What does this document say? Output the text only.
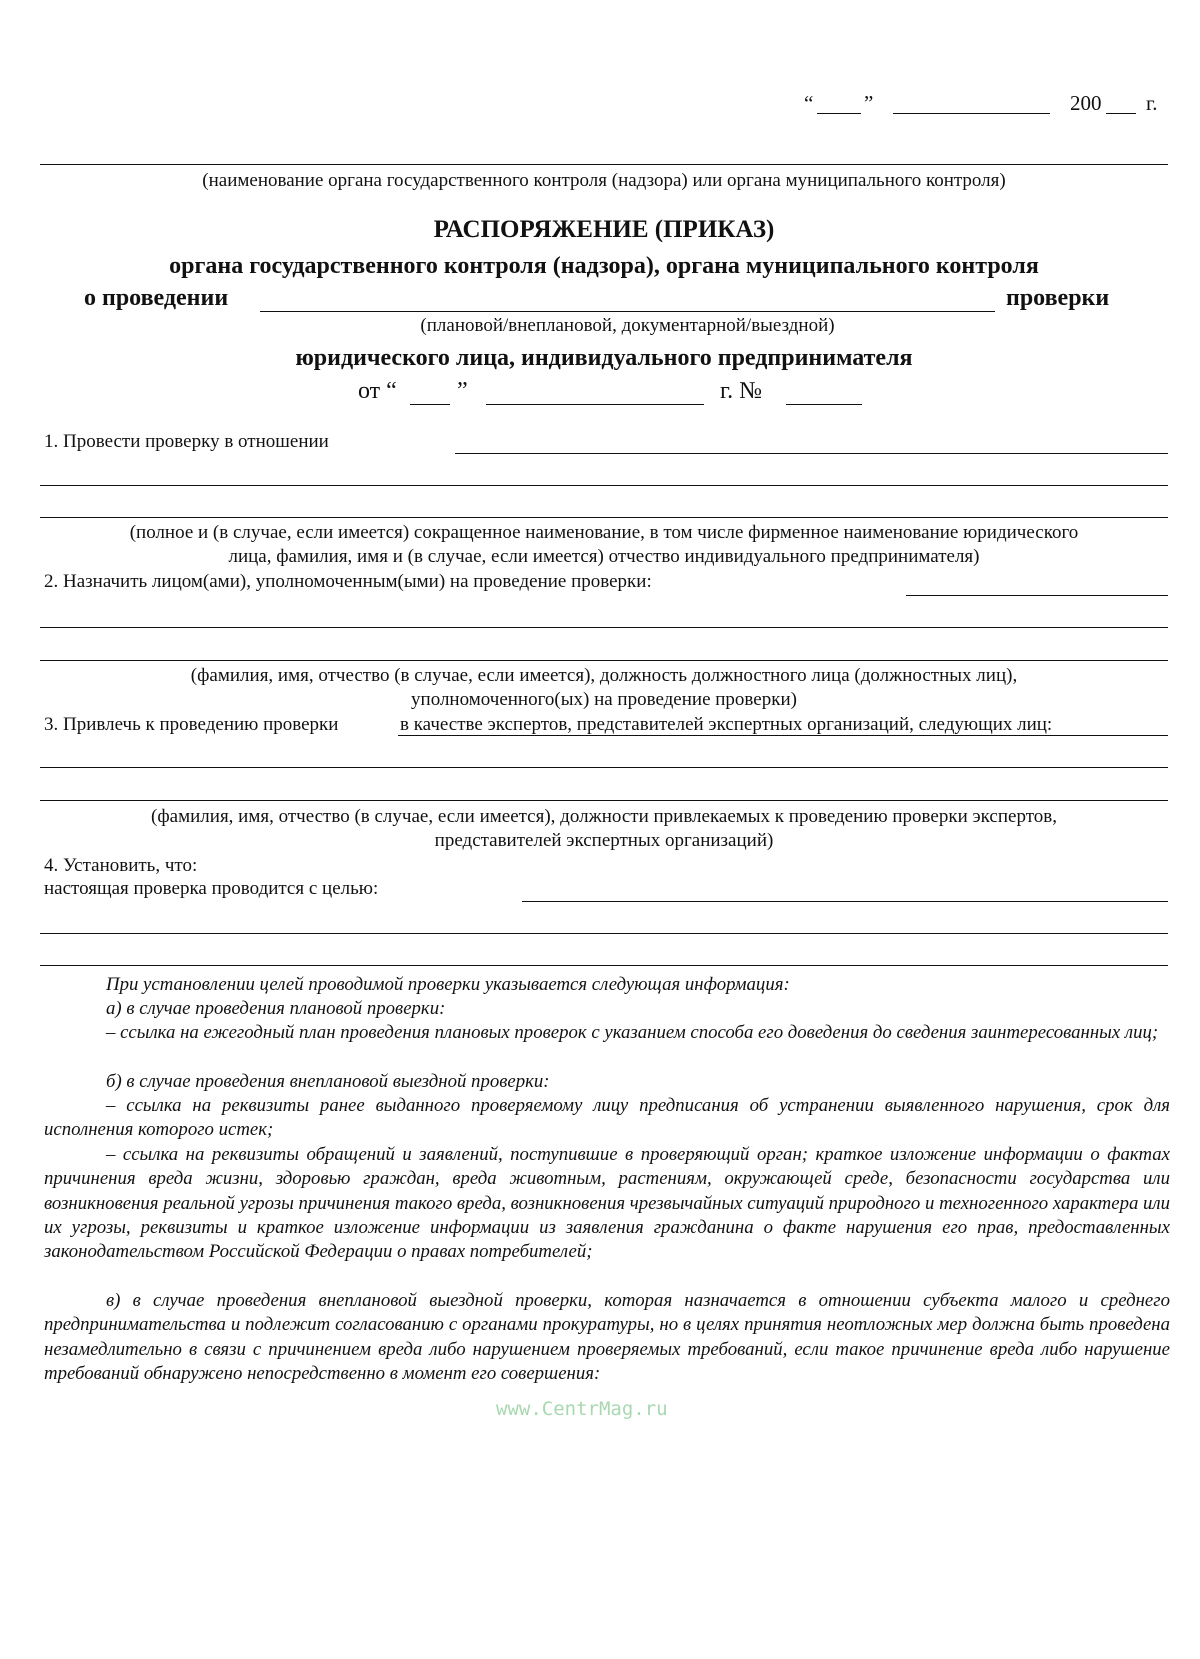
“ ”	200 г.
(наименование органа государственного контроля (надзора) или органа муниципального контроля)
РАСПОРЯЖЕНИЕ (ПРИКАЗ)
органа государственного контроля (надзора), органа муниципального контроля
о проведении	проверки
(плановой/внеплановой, документарной/выездной)
юридического лица, индивидуального предпринимателя
от “	”	г. №
1. Провести проверку в отношении
(полное и (в случае, если имеется) сокращенное наименование, в том числе фирменное наименование юридического
лица, фамилия, имя и (в случае, если имеется) отчество индивидуального предпринимателя)
2. Назначить лицом(ами), уполномоченным(ыми) на проведение проверки:
(фамилия, имя, отчество (в случае, если имеется), должность должностного лица (должностных лиц),
уполномоченного(ых) на проведение проверки)
3. Привлечь к проведению проверки	в качестве экспертов, представителей экспертных организаций, следующих лиц:
(фамилия, имя, отчество (в случае, если имеется), должности привлекаемых к проведению проверки экспертов,
представителей экспертных организаций)
4. Установить, что:
настоящая проверка проводится с целью:
При установлении целей проводимой проверки указывается следующая информация:
а) в случае проведения плановой проверки:
– ссылка на ежегодный план проведения плановых проверок с указанием способа его доведения до сведения заинтересованных лиц;
б) в случае проведения внеплановой выездной проверки:
– ссылка на реквизиты ранее выданного проверяемому лицу предписания об устранении выявленного нарушения, срок для исполнения которого истек;
– ссылка на реквизиты обращений и заявлений, поступившие в проверяющий орган; краткое изложение информации о фактах причинения вреда жизни, здоровью граждан, вреда животным, растениям, окружающей среде, безопасности государства или возникновения реальной угрозы причинения такого вреда, возникновения чрезвычайных ситуаций природного и техногенного характера или их угрозы, реквизиты и краткое изложение информации из заявления гражданина о факте нарушения его прав, предоставленных законодательством Российской Федерации о правах потребителей;
в) в случае проведения внеплановой выездной проверки, которая назначается в отношении субъекта малого и среднего предпринимательства и подлежит согласованию с органами прокуратуры, но в целях принятия неотложных мер должна быть проведена незамедлительно в связи с причинением вреда либо нарушением проверяемых требований, если такое причинение вреда либо нарушение требований обнаружено непосредственно в момент его совершения:
www.CentrMag.ru
